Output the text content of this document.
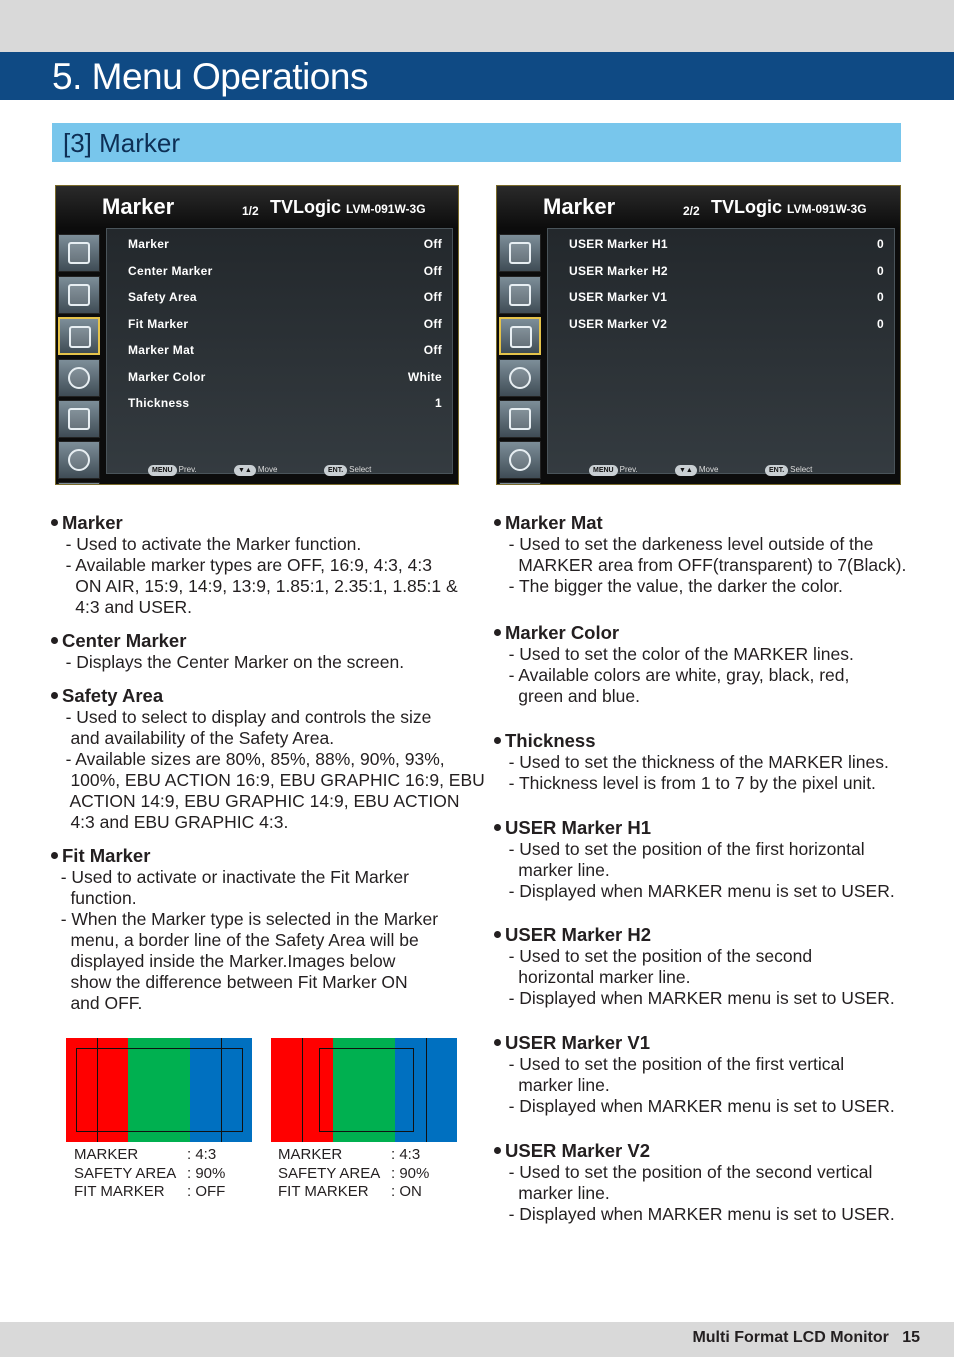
5. Menu Operations
[3] Marker
Marker	1/2 TVLogic LVM-091W-3G
Marker	Off
Center Marker	Off
Safety Area	Off
Fit Marker	Off
Marker Mat	Off
Marker Color	White
Thickness	1
MENU Prev.	▼▲ Move	ENT. Select
Marker	2/2 TVLogic LVM-091W-3G
USER Marker H1	0
USER Marker H2	0
USER Marker V1	0
USER Marker V2	0
MENU Prev.	▼▲ Move	ENT. Select
Marker
- Used to activate the Marker function.
- Available marker types are OFF, 16:9, 4:3, 4:3
ON AIR, 15:9, 14:9, 13:9, 1.85:1, 2.35:1, 1.85:1 &
4:3 and USER.
Center Marker
- Displays the Center Marker on the screen.
Safety Area
- Used to select to display and controls the size
and availability of the Safety Area.
- Available sizes are 80%, 85%, 88%, 90%, 93%,
100%, EBU ACTION 16:9, EBU GRAPHIC 16:9, EBU
ACTION 14:9, EBU GRAPHIC 14:9, EBU ACTION
4:3 and EBU GRAPHIC 4:3.
Fit Marker
- Used to activate or inactivate the Fit Marker
function.
- When the Marker type is selected in the Marker
menu, a border line of the Safety Area will be
displayed inside the Marker.Images below
show the difference between Fit Marker ON
and OFF.
Marker Mat
- Used to set the darkeness level outside of the
MARKER area from OFF(transparent) to 7(Black).
- The bigger the value, the darker the color.
Marker Color
- Used to set the color of the MARKER lines.
- Available colors are white, gray, black, red,
green and blue.
Thickness
- Used to set the thickness of the MARKER lines.
- Thickness level is from 1 to 7 by the pixel unit.
USER Marker H1
- Used to set the position of the first horizontal
marker line.
- Displayed when MARKER menu is set to USER.
USER Marker H2
- Used to set the position of the second
horizontal marker line.
- Displayed when MARKER menu is set to USER.
USER Marker V1
- Used to set the position of the first vertical
marker line.
- Displayed when MARKER menu is set to USER.
USER Marker V2
- Used to set the position of the second vertical
marker line.
- Displayed when MARKER menu is set to USER.
MARKER	: 4:3
SAFETY AREA : 90%
FIT MARKER : OFF
MARKER	: 4:3
SAFETY AREA : 90%
FIT MARKER : ON
Multi Format LCD Monitor   15
